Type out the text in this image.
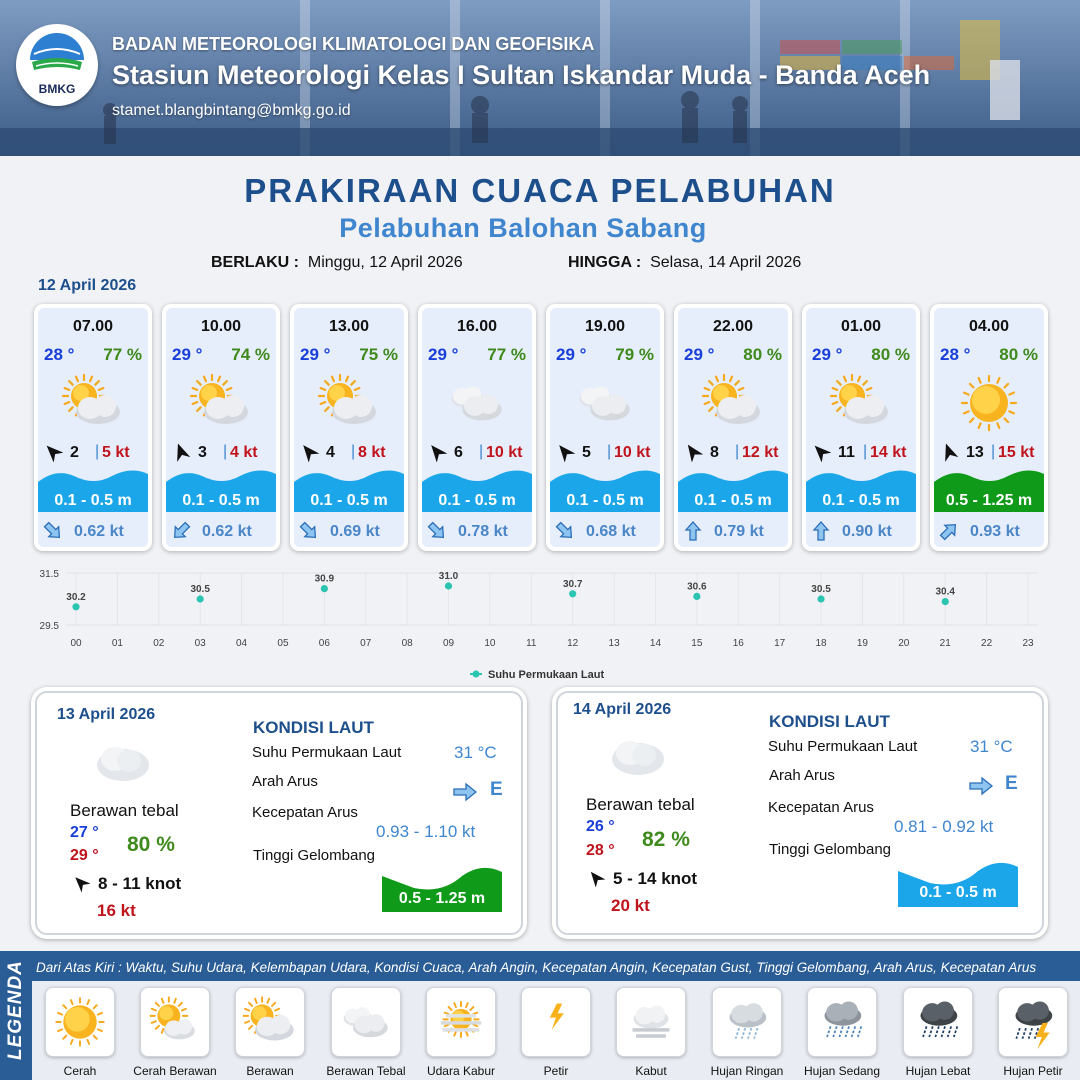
BMKG
BADAN METEOROLOGI KLIMATOLOGI DAN GEOFISIKA
Stasiun Meteorologi Kelas I Sultan Iskandar Muda - Banda Aceh
stamet.blangbintang@bmkg.go.id
PRAKIRAAN CUACA PELABUHAN
Pelabuhan Balohan Sabang
BERLAKU : Minggu, 12 April 2026	HINGGA : Selasa, 14 April 2026
12 April 2026
07.00
28 ° 77 %
2 | 5 kt
0.1 - 0.5 m
0.62 kt
10.00
29 ° 74 %
3 | 4 kt
0.1 - 0.5 m
0.62 kt
13.00
29 ° 75 %
4 | 8 kt
0.1 - 0.5 m
0.69 kt
16.00
29 ° 77 %
6 | 10 kt
0.1 - 0.5 m
0.78 kt
19.00
29 ° 79 %
5 | 10 kt
0.1 - 0.5 m
0.68 kt
22.00
29 ° 80 %
8 | 12 kt
0.1 - 0.5 m
0.79 kt
01.00
29 ° 80 %
11 | 14 kt
0.1 - 0.5 m
0.90 kt
04.00
28 ° 80 %
13 | 15 kt
0.5 - 1.25 m
0.93 kt
31.5
29.5
00	01	02	03	04	05	06	07	08	09	10	11	12	13	14	15	16	17	18	19	20	21	22	23
30.2
30.5
30.9	31.0
30.7	30.6	30.5	30.4
Suhu Permukaan Laut
13 April 2026
Berawan tebal
27 °
29 ° 80 %
8 - 11 knot
16 kt
KONDISI LAUT
Suhu Permukaan Laut	31 °C
Arah Arus	E
Kecepatan Arus
0.93 - 1.10 kt
Tinggi Gelombang
0.5 - 1.25 m
14 April 2026
Berawan tebal
26 °
28 ° 82 %
5 - 14 knot
20 kt
KONDISI LAUT
Suhu Permukaan Laut	31 °C
Arah Arus	E
Kecepatan Arus
0.81 - 0.92 kt
Tinggi Gelombang
0.1 - 0.5 m
LEGENDA Dari Atas Kiri : Waktu, Suhu Udara, Kelembapan Udara, Kondisi Cuaca, Arah Angin, Kecepatan Angin, Kecepatan Gust, Tinggi Gelombang, Arah Arus, Kecepatan Arus
Cerah	Cerah Berawan	Berawan	Berawan Tebal	Udara Kabur	Petir	Kabut	Hujan Ringan	Hujan Sedang	Hujan Lebat	Hujan Petir
